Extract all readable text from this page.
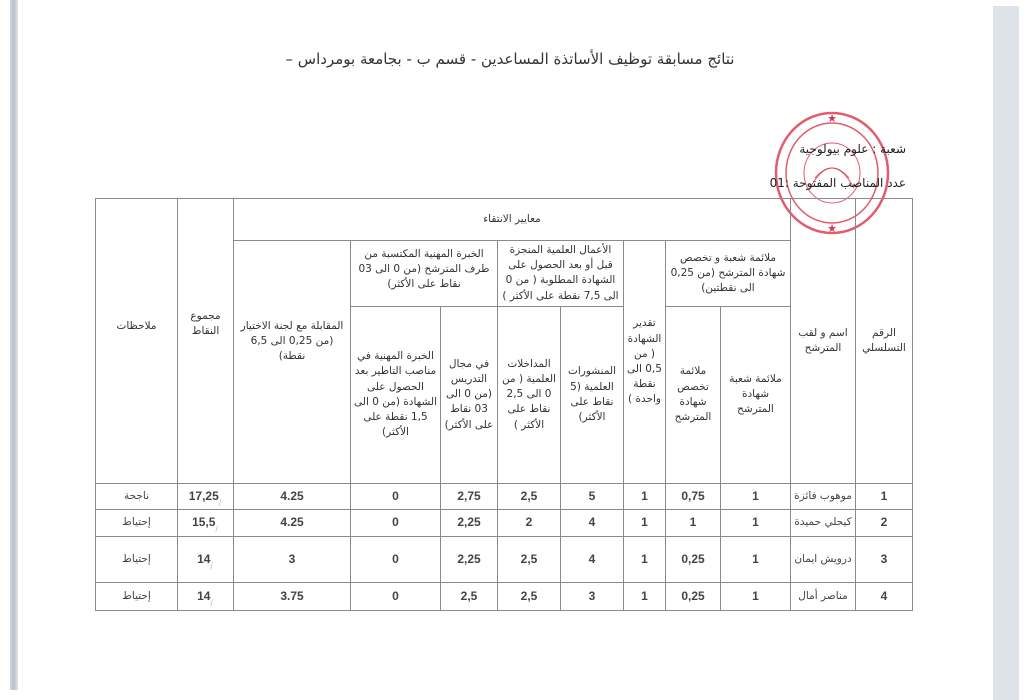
نتائج مسابقة توظيف الأساتذة المساعدين - قسم ب - بجامعة بومرداس –
★
★
شعبة : علوم بيولوجية
عدد المناصب المفتوحة :01
الرقم التسلسلي	اسم و لقب المترشح	معايير الانتقاء								مجموع النقاط	ملاحظات
		ملائمة شعبة و تخصص شهادة المترشح (من 0,25 الى نقطتين)		تقدير الشهادة ( من 0,5 الى نقطة واحدة )	الأعمال العلمية المنجزة قبل أو بعد الحصول على الشهادة المطلوبة ( من 0 الى 7,5 نقطة على الأكثر )		الخبرة المهنية المكتسبة من طرف المترشح (من 0 الى 03 نقاط على الأكثر)		المقابلة مع لجنة الاختيار (من 0,25 الى 6,5 نقطة)		
		ملائمة شعبة شهادة المترشح	ملائمة تخصص شهادة المترشح		المنشورات العلمية (5 نقاط على الأكثر)	المداخلات العلمية ( من 0 الى 2,5 نقاط على الأكثر )	في مجال التدريس (من 0 الى 03 نقاط على الأكثر)	الخبرة المهنية في مناصب التاطير بعد الحصول على الشهادة (من 0 الى 1,5 نقطة على الأكثر)			
1	موهوب فائزة	1	0,75	1	5	2,5	2,75	0	4.25	$_/$17,25	ناجحة
2	كيحلي حميدة	1	1	1	4	2	2,25	0	4.25	$_/$15,5	إحتياط
3	درويش ايمان	1	0,25	1	4	2,5	2,25	0	3	$_/$14	إحتياط
4	مناصر أمال	1	0,25	1	3	2,5	2,5	0	3.75	$_/$14	إحتياط
